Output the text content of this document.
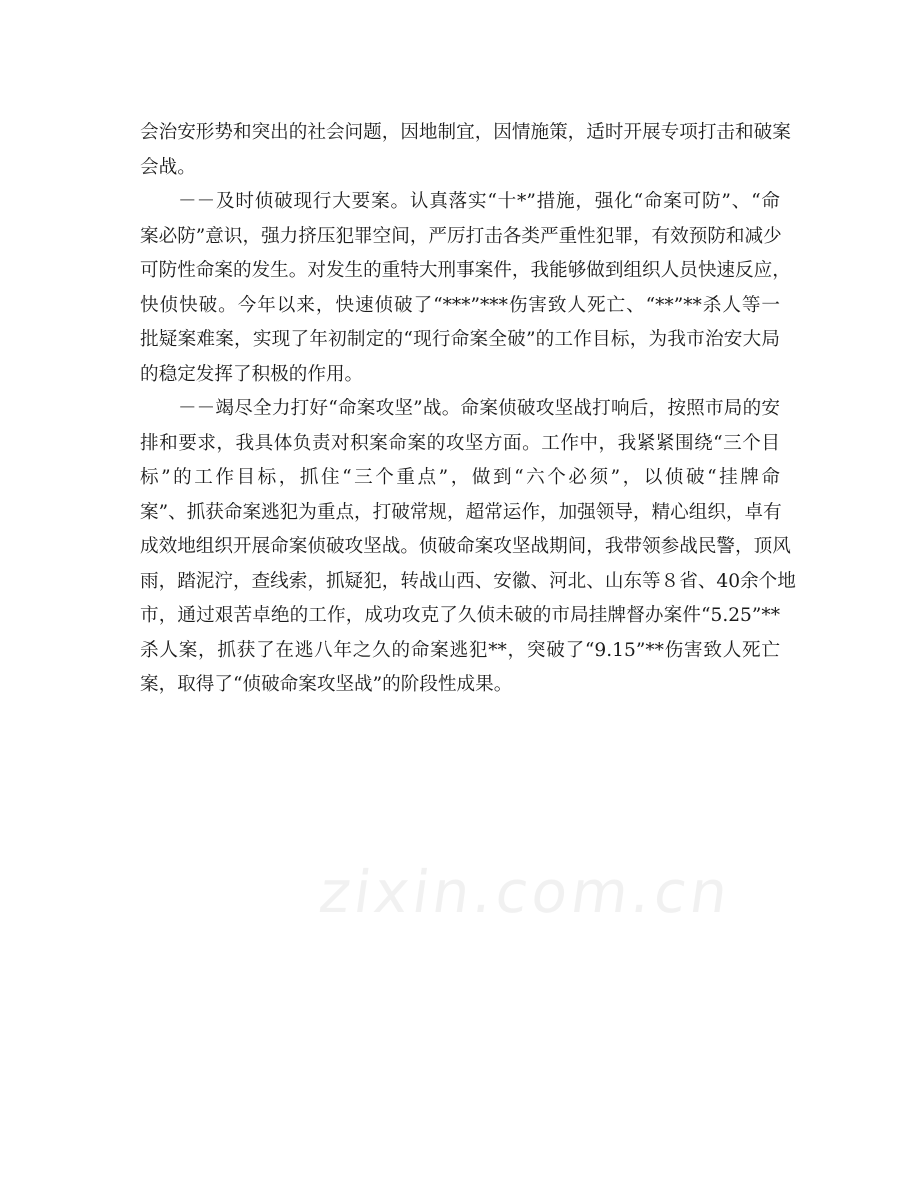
会治安形势和突出的社会问题，因地制宜，因情施策，适时开展专项打击和破案
会战。
－－及时侦破现行大要案。认真落实“十*”措施，强化“命案可防”、“命
案必防”意识，强力挤压犯罪空间，严厉打击各类严重性犯罪，有效预防和减少
可防性命案的发生。对发生的重特大刑事案件，我能够做到组织人员快速反应，
快侦快破。今年以来，快速侦破了“***”***伤害致人死亡、“**”**杀人等一
批疑案难案，实现了年初制定的“现行命案全破”的工作目标，为我市治安大局
的稳定发挥了积极的作用。
－－竭尽全力打好“命案攻坚”战。命案侦破攻坚战打响后，按照市局的安
排和要求，我具体负责对积案命案的攻坚方面。工作中，我紧紧围绕“三个目
标”的工作目标，抓住“三个重点”，做到“六个必须”，以侦破“挂牌命
案”、抓获命案逃犯为重点，打破常规，超常运作，加强领导，精心组织，卓有
成效地组织开展命案侦破攻坚战。侦破命案攻坚战期间，我带领参战民警，顶风
雨，踏泥泞，查线索，抓疑犯，转战山西、安徽、河北、山东等８省、40余个地
市，通过艰苦卓绝的工作，成功攻克了久侦未破的市局挂牌督办案件“5.25”**
杀人案，抓获了在逃八年之久的命案逃犯**，突破了“9.15”**伤害致人死亡
案，取得了“侦破命案攻坚战”的阶段性成果。
zixin.com.cn
